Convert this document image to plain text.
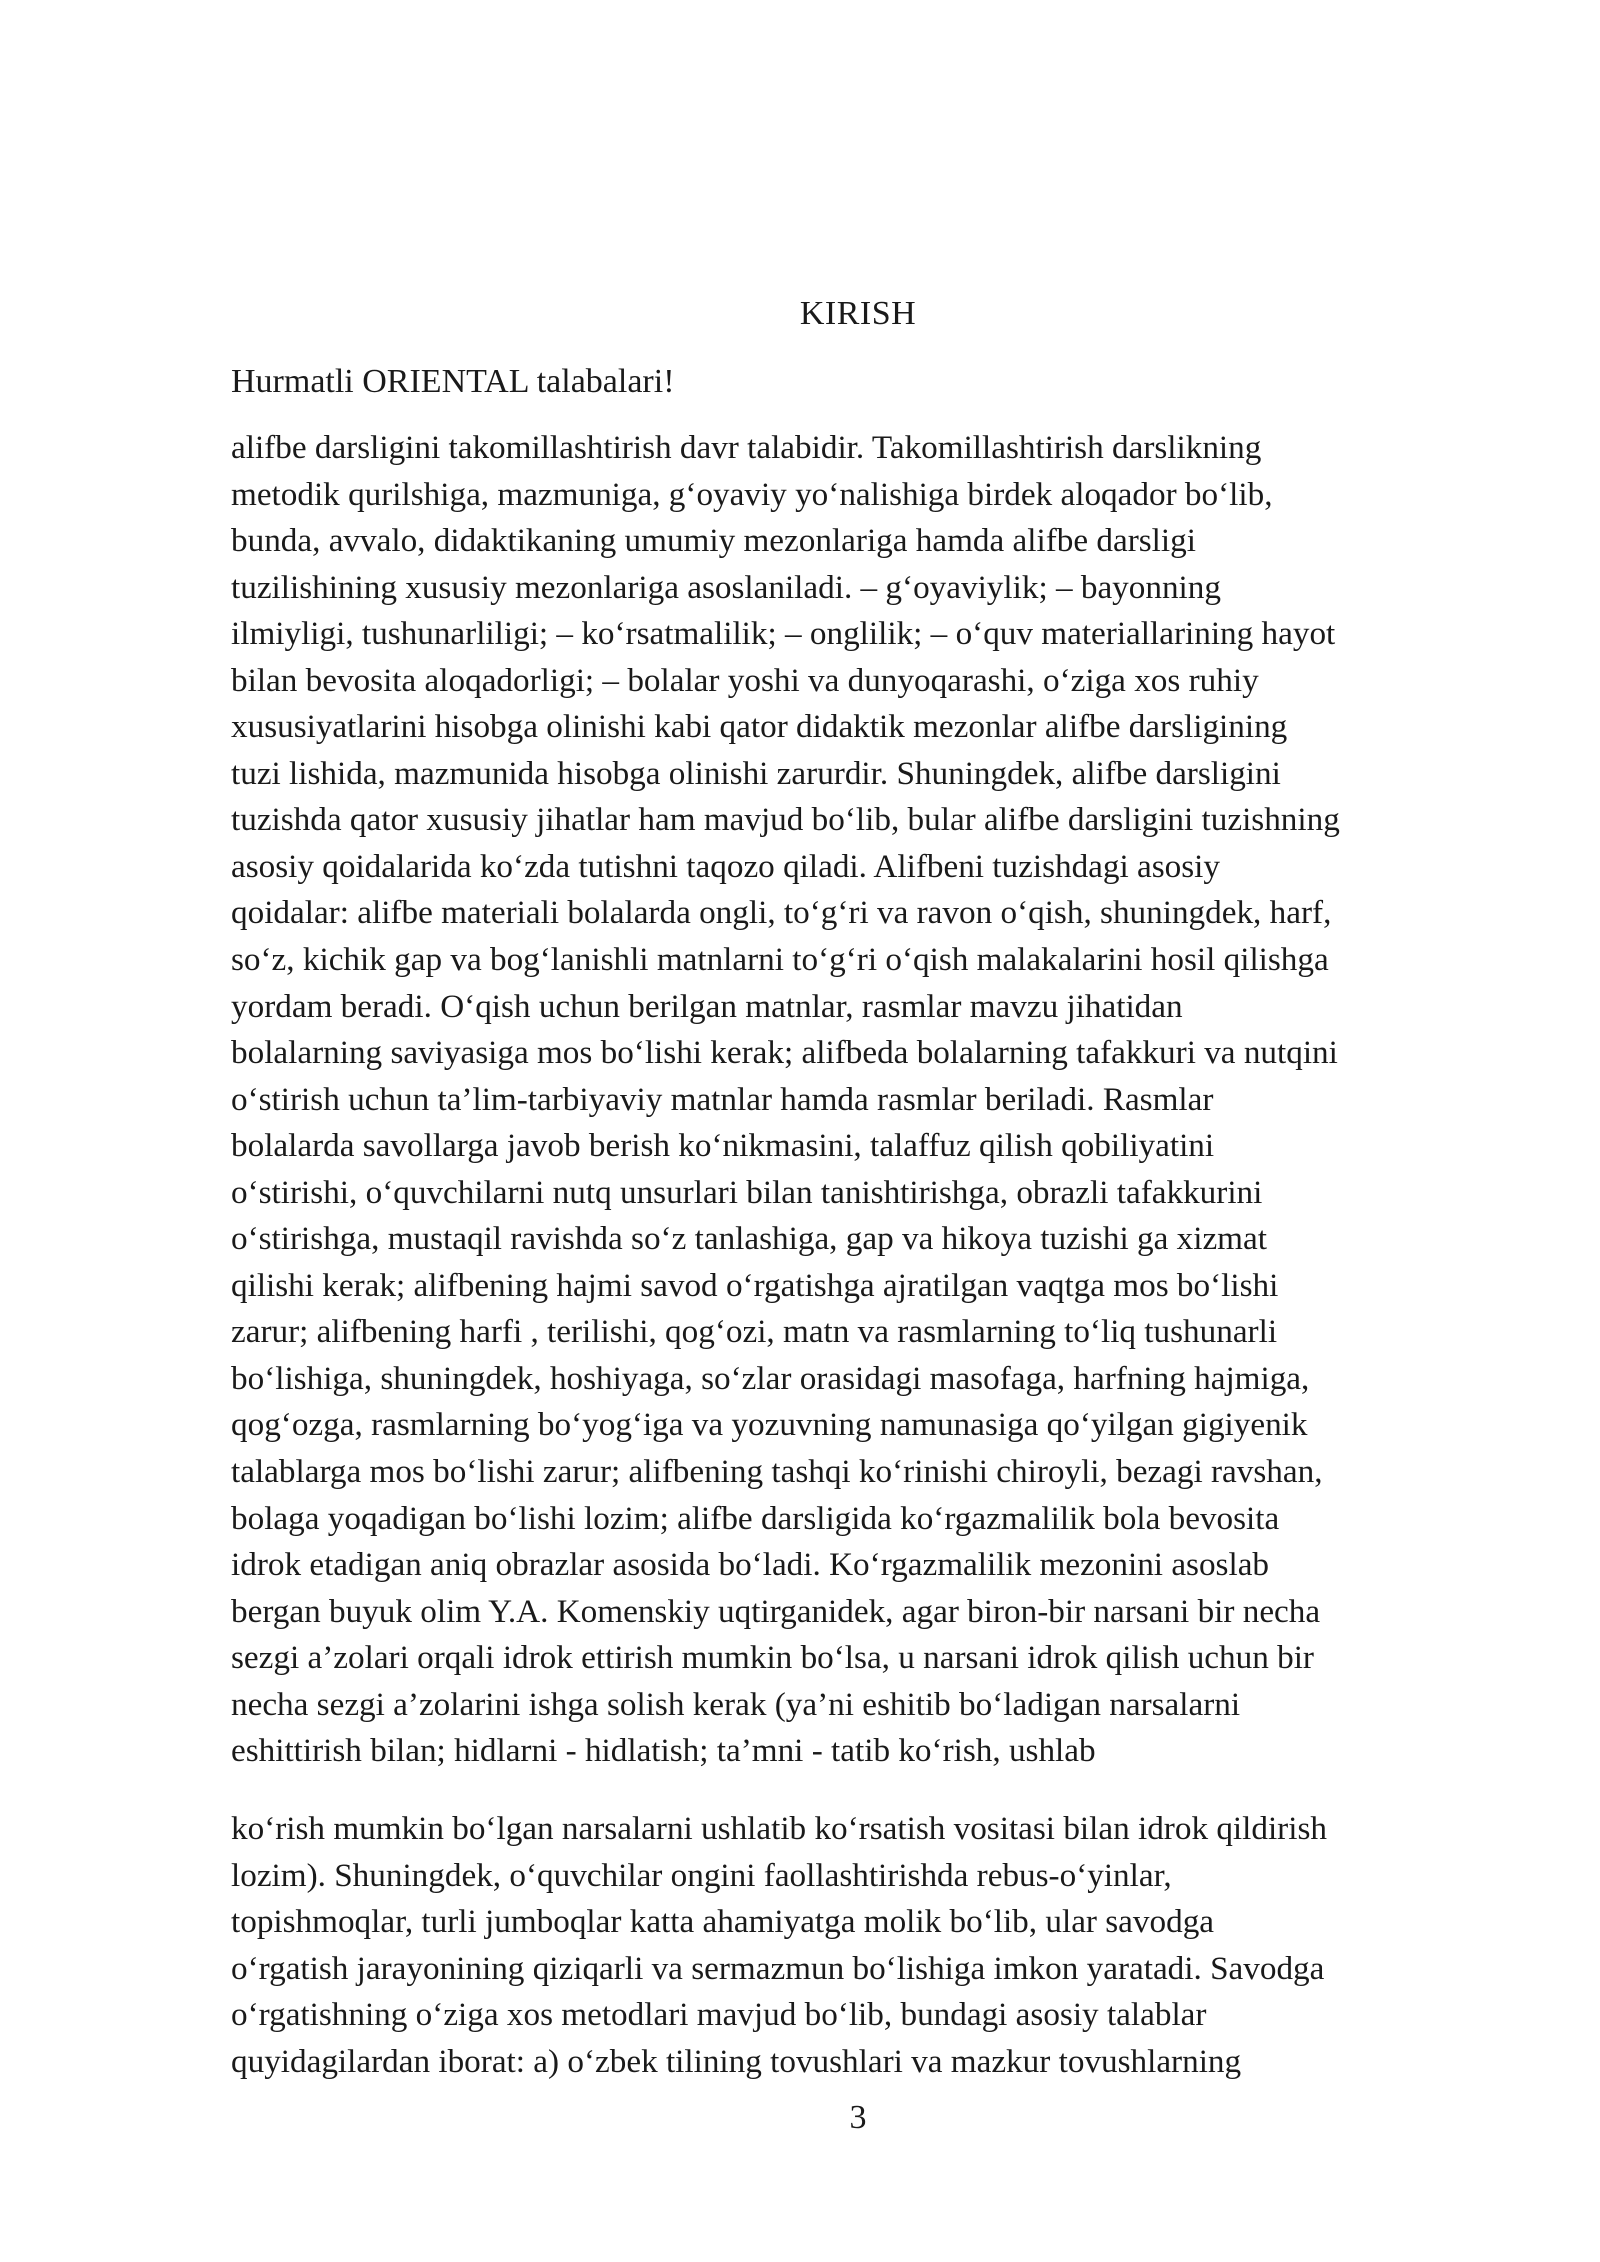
KIRISH
Hurmatli ORIENTAL talabalari!
alifbe darsligini takomillashtirish davr talabidir. Takomillashtirish darslikning
metodik qurilshiga, mazmuniga, g‘oyaviy yo‘nalishiga birdek aloqador bo‘lib,
bunda, avvalo, didaktikaning umumiy mezonlariga hamda alifbe darsligi
tuzilishining xususiy mezonlariga asoslaniladi. – g‘oyaviylik; – bayonning
ilmiyligi, tushunarliligi; – ko‘rsatmalilik; – onglilik; – o‘quv materiallarining hayot
bilan bevosita aloqadorligi; – bolalar yoshi va dunyoqarashi, o‘ziga xos ruhiy
xususiyatlarini hisobga olinishi kabi qator didaktik mezonlar alifbe darsligining
tuzi lishida, mazmunida hisobga olinishi zarurdir. Shuningdek, alifbe darsligini
tuzishda qator xususiy jihatlar ham mavjud bo‘lib, bular alifbe darsligini tuzishning
asosiy qoidalarida ko‘zda tutishni taqozo qiladi. Alifbeni tuzishdagi asosiy
qoidalar: alifbe materiali bolalarda ongli, to‘g‘ri va ravon o‘qish, shuningdek, harf,
so‘z, kichik gap va bog‘lanishli matnlarni to‘g‘ri o‘qish malakalarini hosil qilishga
yordam beradi. O‘qish uchun berilgan matnlar, rasmlar mavzu jihatidan
bolalarning saviyasiga mos bo‘lishi kerak; alifbeda bolalarning tafakkuri va nutqini
o‘stirish uchun ta’lim-tarbiyaviy matnlar hamda rasmlar beriladi. Rasmlar
bolalarda savollarga javob berish ko‘nikmasini, talaffuz qilish qobiliyatini
o‘stirishi, o‘quvchilarni nutq unsurlari bilan tanishtirishga, obrazli tafakkurini
o‘stirishga, mustaqil ravishda so‘z tanlashiga, gap va hikoya tuzishi ga xizmat
qilishi kerak; alifbening hajmi savod o‘rgatishga ajratilgan vaqtga mos bo‘lishi
zarur; alifbening harfi , terilishi, qog‘ozi, matn va rasmlarning to‘liq tushunarli
bo‘lishiga, shuningdek, hoshiyaga, so‘zlar orasidagi masofaga, harfning hajmiga,
qog‘ozga, rasmlarning bo‘yog‘iga va yozuvning namunasiga qo‘yilgan gigiyenik
talablarga mos bo‘lishi zarur; alifbening tashqi ko‘rinishi chiroyli, bezagi ravshan,
bolaga yoqadigan bo‘lishi lozim; alifbe darsligida ko‘rgazmalilik bola bevosita
idrok etadigan aniq obrazlar asosida bo‘ladi. Ko‘rgazmalilik mezonini asoslab
bergan buyuk olim Y.A. Komenskiy uqtirganidek, agar biron-bir narsani bir necha
sezgi a’zolari orqali idrok ettirish mumkin bo‘lsa, u narsani idrok qilish uchun bir
necha sezgi a’zolarini ishga solish kerak (ya’ni eshitib bo‘ladigan narsalarni
eshittirish bilan; hidlarni - hidlatish; ta’mni - tatib ko‘rish, ushlab
ko‘rish mumkin bo‘lgan narsalarni ushlatib ko‘rsatish vositasi bilan idrok qildirish
lozim). Shuningdek, o‘quvchilar ongini faollashtirishda rebus-o‘yinlar,
topishmoqlar, turli jumboqlar katta ahamiyatga molik bo‘lib, ular savodga
o‘rgatish jarayonining qiziqarli va sermazmun bo‘lishiga imkon yaratadi. Savodga
o‘rgatishning o‘ziga xos metodlari mavjud bo‘lib, bundagi asosiy talablar
quyidagilardan iborat: a) o‘zbek tilining tovushlari va mazkur tovushlarning
3
